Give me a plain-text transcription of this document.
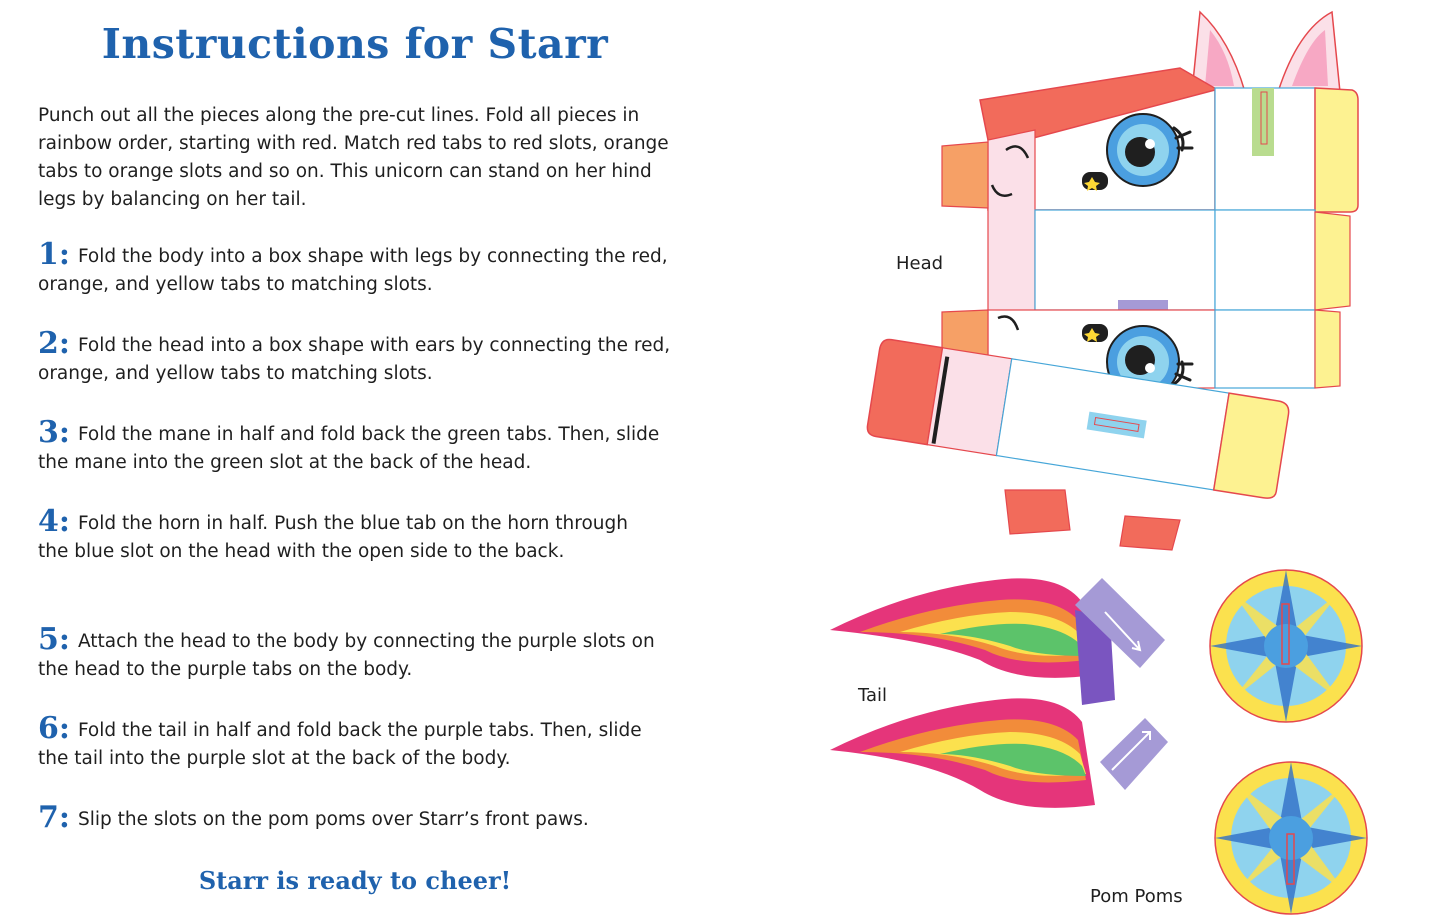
Instructions for Starr

Punch out all the pieces along the pre-cut lines. Fold all pieces in rainbow order, starting with red. Match red tabs to red slots, orange tabs to orange slots and so on. This unicorn can stand on her hind legs by balancing on her tail.

1: Fold the body into a box shape with legs by connecting the red, orange, and yellow tabs to matching slots.

2: Fold the head into a box shape with ears by connecting the red, orange, and yellow tabs to matching slots.

3: Fold the mane in half and fold back the green tabs. Then, slide the mane into the green slot at the back of the head.

4: Fold the horn in half. Push the blue tab on the horn through the blue slot on the head with the open side to the back.

5: Attach the head to the body by connecting the purple slots on the head to the purple tabs on the body.

6: Fold the tail in half and fold back the purple tabs. Then, slide the tail into the purple slot at the back of the body.

7: Slip the slots on the pom poms over Starr’s front paws.

Starr is ready to cheer!
Head
Tail
Pom Poms
